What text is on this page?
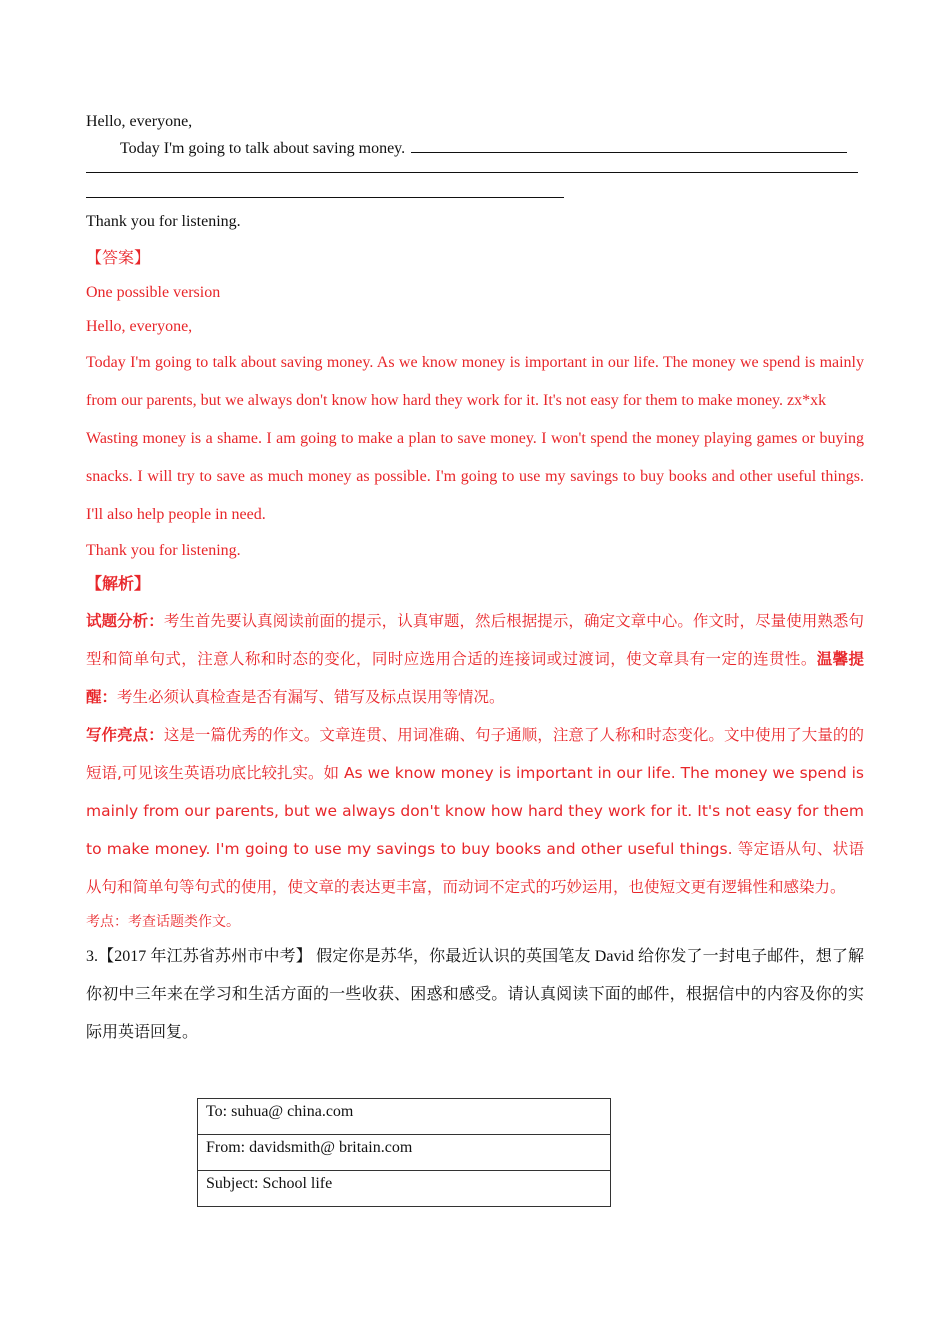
Hello, everyone,

Today I'm going to talk about saving money.

Thank you for listening.

【答案】

One possible version

Hello, everyone,

Today I'm going to talk about saving money. As we know money is important in our life. The money we spend is mainly from our parents, but we always don't know how hard they work for it. It's not easy for them to make money. zx*xk

Wasting money is a shame. I am going to make a plan to save money. I won't spend the money playing games or buying snacks. I will try to save as much money as possible. I'm going to use my savings to buy books and other useful things. I'll also help people in need.

Thank you for listening.

【解析】

试题分析：考生首先要认真阅读前面的提示，认真审题，然后根据提示，确定文章中心。作文时，尽量使用熟悉句型和简单句式，注意人称和时态的变化，同时应选用合适的连接词或过渡词，使文章具有一定的连贯性。温馨提醒：考生必须认真检查是否有漏写、错写及标点误用等情况。

写作亮点：这是一篇优秀的作文。文章连贯、用词准确、句子通顺，注意了人称和时态变化。文中使用了大量的的短语,可见该生英语功底比较扎实。如 As we know money is important in our life. The money we spend is mainly from our parents, but we always don't know how hard they work for it. It's not easy for them to make money. I'm going to use my savings to buy books and other useful things. 等定语从句、状语从句和简单句等句式的使用，使文章的表达更丰富，而动词不定式的巧妙运用，也使短文更有逻辑性和感染力。

考点：考查话题类作文。

3.【2017 年江苏省苏州市中考】 假定你是苏华，你最近认识的英国笔友 David 给你发了一封电子邮件，想了解你初中三年来在学习和生活方面的一些收获、困惑和感受。请认真阅读下面的邮件，根据信中的内容及你的实际用英语回复。

To: suhua@ china.com
From: davidsmith@ britain.com
Subject: School life
